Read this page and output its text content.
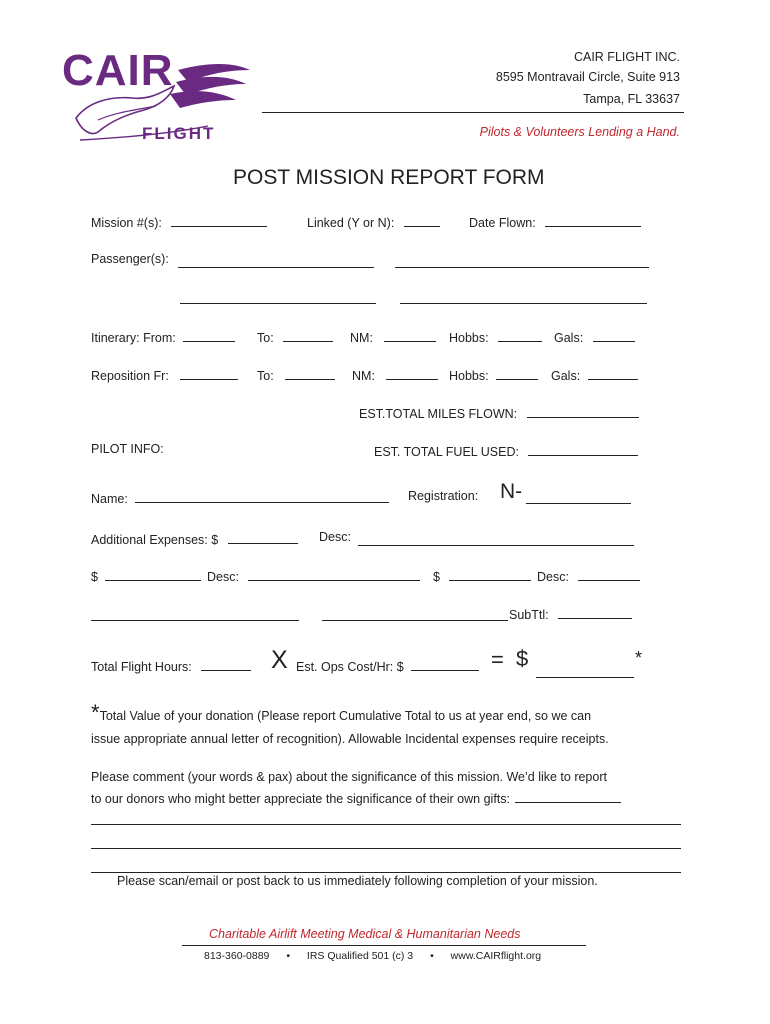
CAIR
FLIGHT
CAIR FLIGHT INC.
8595 Montravail Circle, Suite 913
Tampa, FL 33637
Pilots & Volunteers Lending a Hand.
POST MISSION REPORT FORM
Mission #(s):	Linked (Y or N):	Date Flown:
Passenger(s):
Itinerary: From:	To:	NM:	Hobbs:	Gals:
Reposition Fr:	To:	NM:	Hobbs:	Gals:
EST.TOTAL MILES FLOWN:
PILOT INFO:	EST. TOTAL FUEL USED:
Name:	Registration: N-
Additional Expenses: $	Desc:
$	Desc:	$	Desc:
SubTtl:
Total Flight Hours:	X Est. Ops Cost/Hr: $	= $	*
*Total Value of your donation (Please report Cumulative Total to us at year end, so we can
issue appropriate annual letter of recognition). Allowable Incidental expenses require receipts.
Please comment (your words & pax) about the significance of this mission. We’d like to report
to our donors who might better appreciate the significance of their own gifts:
Please scan/email or post back to us immediately following completion of your mission.
Charitable Airlift Meeting Medical & Humanitarian Needs
813-360-0889 • IRS Qualified 501 (c) 3 • www.CAIRflight.org
